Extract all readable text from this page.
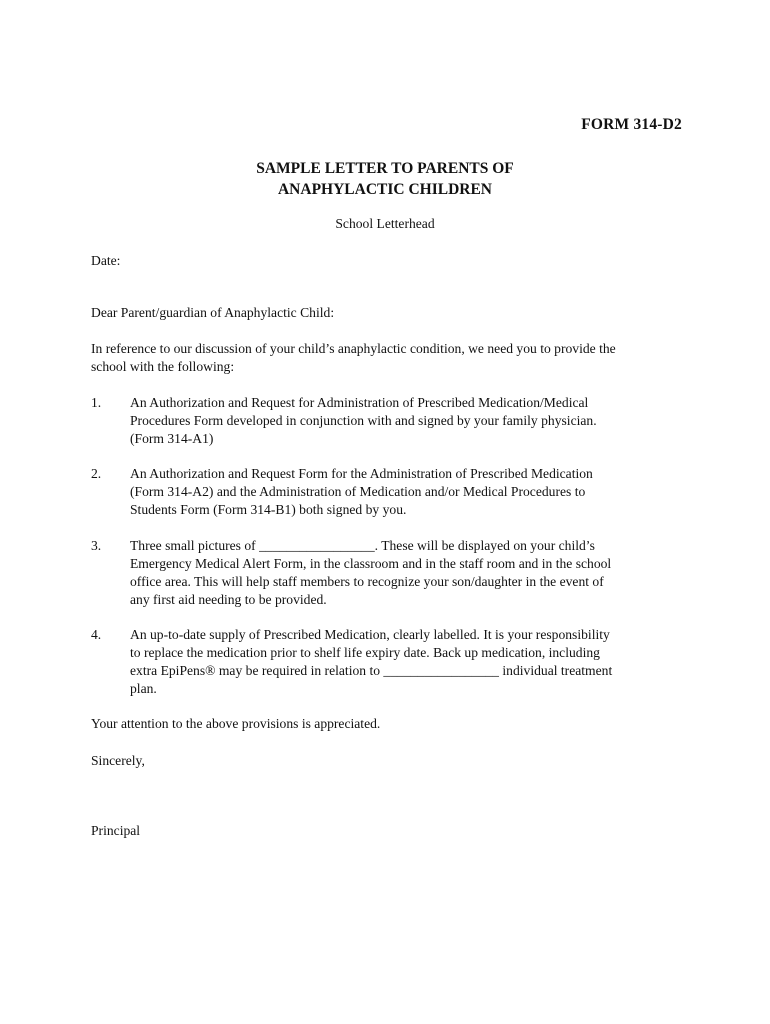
FORM 314-D2
SAMPLE LETTER TO PARENTS OF
ANAPHYLACTIC CHILDREN
School Letterhead
Date:
Dear Parent/guardian of Anaphylactic Child:
In reference to our discussion of your child’s anaphylactic condition, we need you to provide the
school with the following:
1. An Authorization and Request for Administration of Prescribed Medication/Medical
Procedures Form developed in conjunction with and signed by your family physician.
(Form 314-A1)
2. An Authorization and Request Form for the Administration of Prescribed Medication
(Form 314-A2) and the Administration of Medication and/or Medical Procedures to
Students Form (Form 314-B1) both signed by you.
3. Three small pictures of _________________. These will be displayed on your child’s
Emergency Medical Alert Form, in the classroom and in the staff room and in the school
office area. This will help staff members to recognize your son/daughter in the event of
any first aid needing to be provided.
4. An up-to-date supply of Prescribed Medication, clearly labelled. It is your responsibility
to replace the medication prior to shelf life expiry date. Back up medication, including
extra EpiPens® may be required in relation to _________________ individual treatment
plan.
Your attention to the above provisions is appreciated.
Sincerely,
Principal
